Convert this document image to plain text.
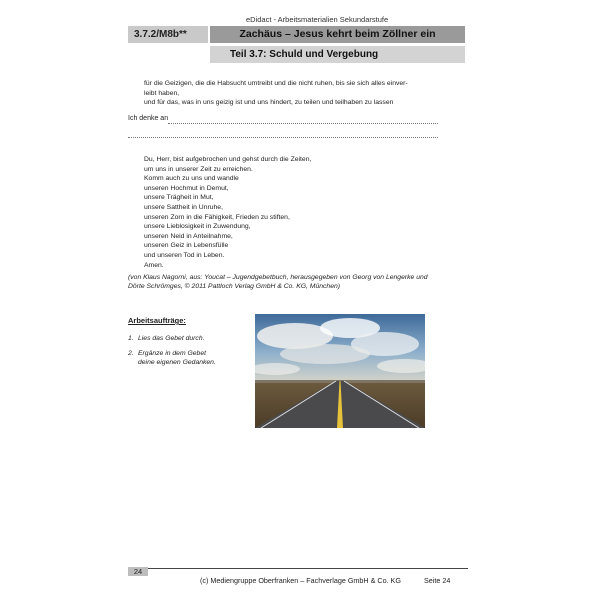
eDidact - Arbeitsmaterialien Sekundarstufe
3.7.2/M8b**	Zachäus – Jesus kehrt beim Zöllner ein
Teil 3.7: Schuld und Vergebung

für die Geizigen, die die Habsucht umtreibt und die nicht ruhen, bis sie sich alles einver-

leibt haben,

und für das, was in uns geizig ist und uns hindert, zu teilen und teilhaben zu lassen

Ich denke an
Du, Herr, bist aufgebrochen und gehst durch die Zeiten,
um uns in unserer Zeit zu erreichen.
Komm auch zu uns und wandle
unseren Hochmut in Demut,
unsere Trägheit in Mut,
unsere Sattheit in Unruhe,
unseren Zorn in die Fähigkeit, Frieden zu stiften,
unsere Lieblosigkeit in Zuwendung,
unseren Neid in Anteilnahme,
unseren Geiz in Lebensfülle
und unseren Tod in Leben.
Amen.
(von Klaus Nagorni, aus: Youcat – Jugendgebetbuch, herausgegeben von Georg von Lengerke und
Dörte Schrömges, © 2011 Pattloch Verlag GmbH & Co. KG, München)
Arbeitsaufträge:
1. Lies das Gebet durch.
2. Ergänze in dem Gebet
deine eigenen Gedanken.
24
(c) Mediengruppe Oberfranken – Fachverlage GmbH & Co. KG	Seite 24
